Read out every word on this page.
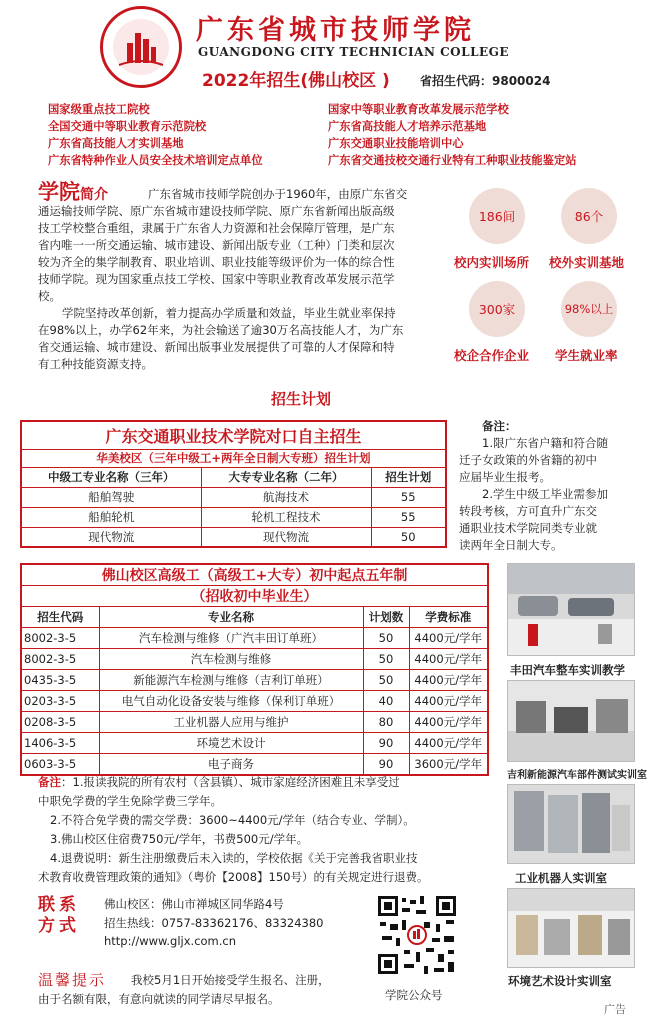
广东省城市技师学院
GUANGDONG CITY TECHNICIAN COLLEGE
2022年招生(佛山校区 )	省招生代码：9800024
国家级重点技工院校
全国交通中等职业教育示范院校
广东省高技能人才实训基地
广东省特种作业人员安全技术培训定点单位
国家中等职业教育改革发展示范学校
广东省高技能人才培养示范基地
广东交通职业技能培训中心
广东省交通技校交通行业特有工种职业技能鉴定站
学院简介	广东省城市技师学院创办于1960年，由原广东省交
通运输技师学院、原广东省城市建设技师学院、原广东省新闻出版高级
技工学校整合重组，隶属于广东省人力资源和社会保障厅管理，是广东
省内唯一一所交通运输、城市建设、新闻出版专业（工种）门类和层次
较为齐全的集学制教育、职业培训、职业技能等级评价为一体的综合性
技师学院。现为国家重点技工学校、国家中等职业教育改革发展示范学
校。
学院坚持改革创新，着力提高办学质量和效益，毕业生就业率保持
在98%以上，办学62年来，为社会输送了逾30万名高技能人才，为广东
省交通运输、城市建设、新闻出版事业发展提供了可靠的人才保障和特
有工种技能资源支持。
186间
校内实训场所
86个
校外实训基地
300家
校企合作企业
98%以上
学生就业率
招生计划
广东交通职业技术学院对口自主招生		
华美校区（三年中级工+两年全日制大专班）招生计划		
中级工专业名称（三年）	大专专业名称（二年）	招生计划
船舶驾驶	航海技术	55
船舶轮机	轮机工程技术	55
现代物流	现代物流	50
备注：
1.限广东省户籍和符合随
迁子女政策的外省籍的初中
应届毕业生报考。
2.学生中级工毕业需参加
转段考核，方可直升广东交
通职业技术学院同类专业就
读两年全日制大专。
佛山校区高级工（高级工+大专）初中起点五年制			
（招收初中毕业生）			
招生代码	专业名称	计划数	学费标准
8002-3-5	汽车检测与维修（广汽丰田订单班）	50	4400元/学年
8002-3-5	汽车检测与维修	50	4400元/学年
0435-3-5	新能源汽车检测与维修（吉利订单班）	50	4400元/学年
0203-3-5	电气自动化设备安装与维修（保利订单班）	40	4400元/学年
0208-3-5	工业机器人应用与维护	80	4400元/学年
1406-3-5	环境艺术设计	90	4400元/学年
0603-3-5	电子商务	90	3600元/学年
丰田汽车整车实训教学
吉利新能源汽车部件测试实训室
工业机器人实训室
环境艺术设计实训室
备注：1.报读我院的所有农村（含县镇）、城市家庭经济困难且未享受过
中职免学费的学生免除学费三学年。
2.不符合免学费的需交学费：3600~4400元/学年（结合专业、学制）。
3.佛山校区住宿费750元/学年，书费500元/学年。
4.退费说明：新生注册缴费后未入读的，学校依据《关于完善我省职业技
术教育收费管理政策的通知》（粤价【2008】150号）的有关规定进行退费。
联系方式
佛山校区：佛山市禅城区同华路4号
招生热线：0757-83362176、83324380
http://www.gljx.com.cn
学院公众号
温馨提示 我校5月1日开始接受学生报名、注册，
由于名额有限，有意向就读的同学请尽早报名。
广告
